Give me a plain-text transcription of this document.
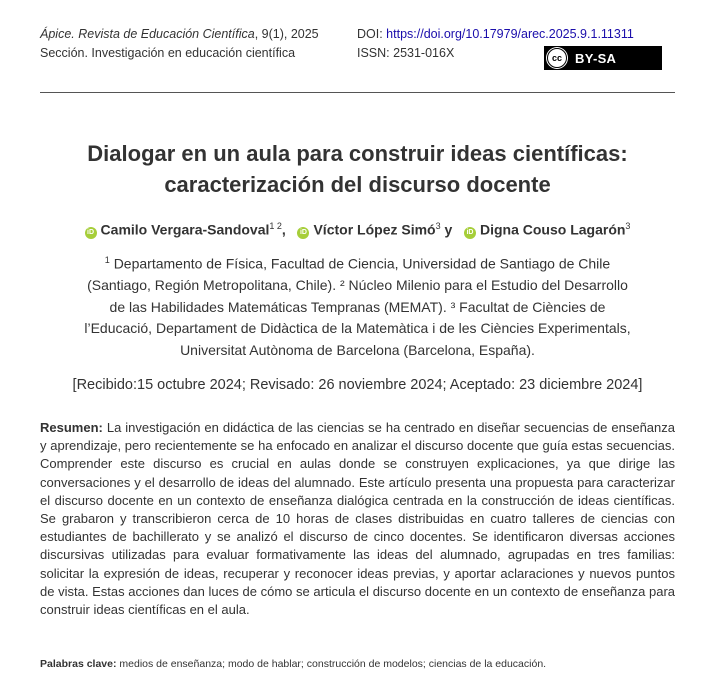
Ápice. Revista de Educación Científica, 9(1), 2025
Sección. Investigación en educación científica
DOI: https://doi.org/10.17979/arec.2025.9.1.11311
ISSN: 2531-016X	cc	BY-SA
Dialogar en un aula para construir ideas científicas:
caracterización del discurso docente
iD Camilo Vergara-Sandoval$^{1 2}$,   iD Víctor López Simó$^3$ y   iD Digna Couso Lagarón$^3$
$^1$ Departamento de Física, Facultad de Ciencia, Universidad de Santiago de Chile
(Santiago, Región Metropolitana, Chile). ² Núcleo Milenio para el Estudio del Desarrollo
de las Habilidades Matemáticas Tempranas (MEMAT). ³ Facultat de Ciències de
l’Educació, Departament de Didàctica de la Matemàtica i de les Ciències Experimentals,
Universitat Autònoma de Barcelona (Barcelona, España).
[Recibido:15 octubre 2024; Revisado: 26 noviembre 2024; Aceptado: 23 diciembre 2024]
Resumen: La investigación en didáctica de las ciencias se ha centrado en diseñar secuencias de enseñanza y aprendizaje, pero recientemente se ha enfocado en analizar el discurso docente que guía estas secuencias. Comprender este discurso es crucial en aulas donde se construyen explicaciones, ya que dirige las conversaciones y el desarrollo de ideas del alumnado. Este artículo presenta una propuesta para caracterizar el discurso docente en un contexto de enseñanza dialógica centrada en la construcción de ideas científicas. Se grabaron y transcribieron cerca de 10 horas de clases distribuidas en cuatro talleres de ciencias con estudiantes de bachillerato y se analizó el discurso de cinco docentes. Se identificaron diversas acciones discursivas utilizadas para evaluar formativamente las ideas del alumnado, agrupadas en tres familias: solicitar la expresión de ideas, recuperar y reconocer ideas previas, y aportar aclaraciones y nuevos puntos de vista. Estas acciones dan luces de cómo se articula el discurso docente en un contexto de enseñanza para construir ideas científicas en el aula.
Palabras clave: medios de enseñanza; modo de hablar; construcción de modelos; ciencias de la educación.
